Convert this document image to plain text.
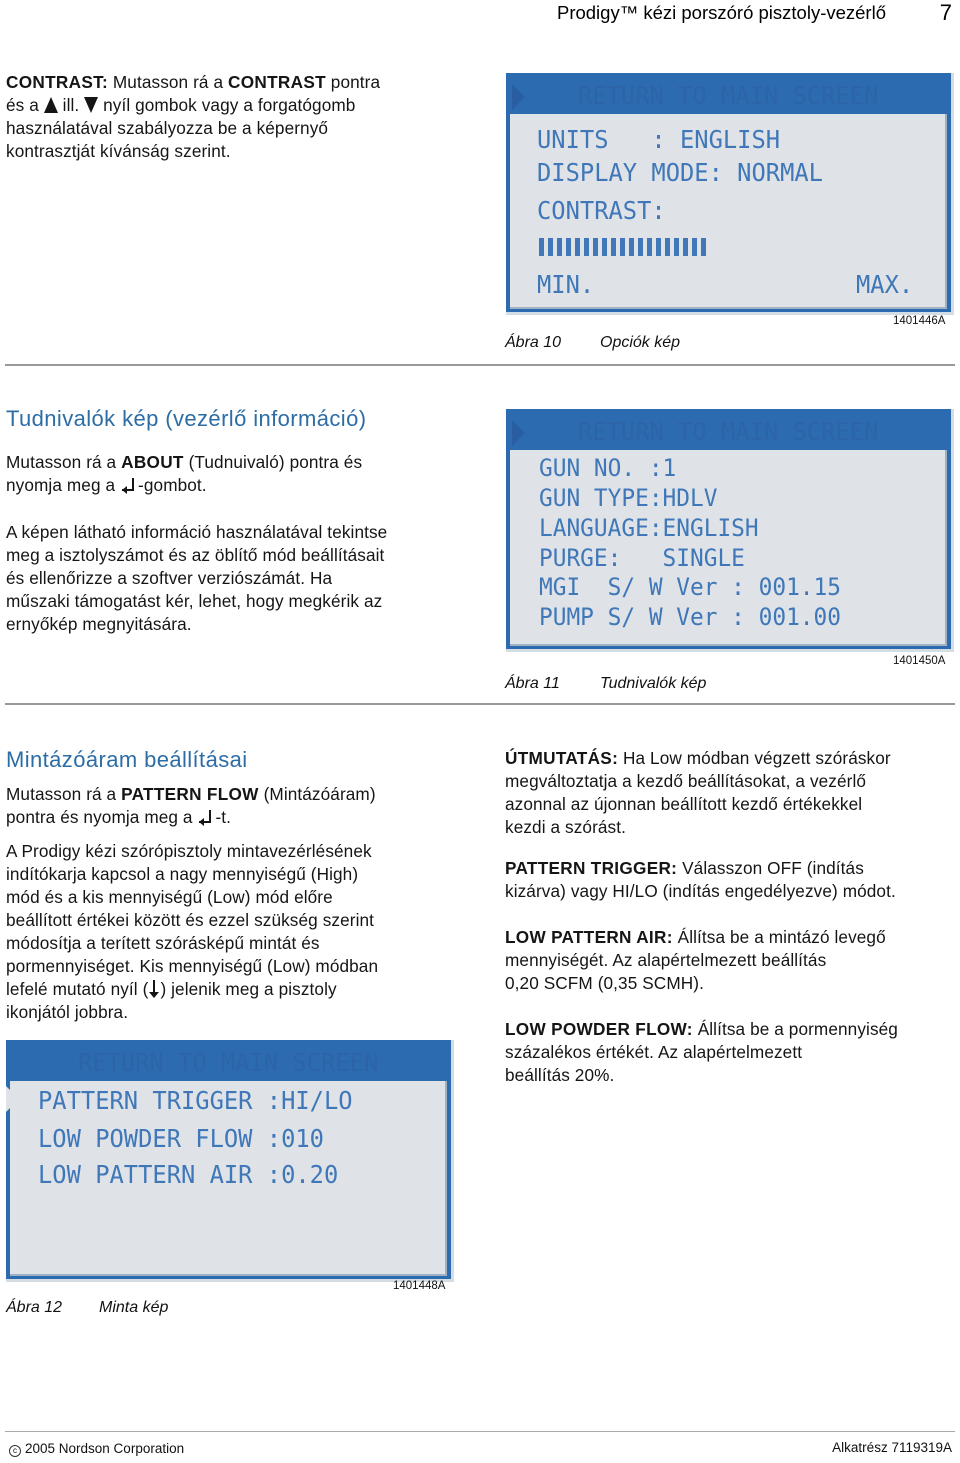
Prodigy™ kézi porszóró pisztoly-vezérlő 7
CONTRAST: Mutasson rá a CONTRAST pontra
és a ill. nyíl gombok vagy a forgatógomb
használatával szabályozza be a képernyő
kontrasztját kívánság szerint.
RETURN TO MAIN SCREEN
UNITS   : ENGLISH
DISPLAY MODE: NORMAL
CONTRAST:
MIN.	MAX.
Ábra 10 Opciók kép
1401446A
Tudnivalók kép (vezérlő információ)
Mutasson rá a ABOUT (Tudnuivaló) pontra és
nyomja meg a -gombot.
A képen látható információ használatával tekintse
meg a isztolyszámot és az öblítő mód beállításait
és ellenőrizze a szoftver verziószámát. Ha
műszaki támogatást kér, lehet, hogy megkérik az
ernyőkép megnyitására.
RETURN TO MAIN SCREEN
GUN NO. :1
GUN TYPE:HDLV
LANGUAGE:ENGLISH
PURGE:   SINGLE
MGI  S/ W Ver : 001.15
PUMP S/ W Ver : 001.00
Ábra 11	Tudnivalók kép
1401450A
Mintázóáram beállításai
Mutasson rá a PATTERN FLOW (Mintázóáram)
pontra és nyomja meg a -t.
A Prodigy kézi szórópisztoly mintavezérlésének
indítókarja kapcsol a nagy mennyiségű (High)
mód és a kis mennyiségű (Low) mód előre
beállított értékei között és ezzel szükség szerint
módosítja a terített szórásképű mintát és
pormennyiséget. Kis mennyiségű (Low) módban
lefelé mutató nyíl ( ) jelenik meg a pisztoly
ikonjától jobbra.
RETURN TO MAIN SCREEN
PATTERN TRIGGER :HI/LO
LOW POWDER FLOW :010
LOW PATTERN AIR :0.20
Ábra 12 Minta kép
1401448A
ÚTMUTATÁS: Ha Low módban végzett szóráskor
megváltoztatja a kezdő beállításokat, a vezérlő
azonnal az újonnan beállított kezdő értékekkel
kezdi a szórást.
PATTERN TRIGGER: Válasszon OFF (indítás
kizárva) vagy HI/LO (indítás engedélyezve) módot.
LOW PATTERN AIR: Állítsa be a mintázó levegő
mennyiségét. Az alapértelmezett beállítás
0,20 SCFM (0,35 SCMH).
LOW POWDER FLOW: Állítsa be a pormennyiség
százalékos értékét. Az alapértelmezett
beállítás 20%.
c 2005 Nordson Corporation	Alkatrész 7119319A
